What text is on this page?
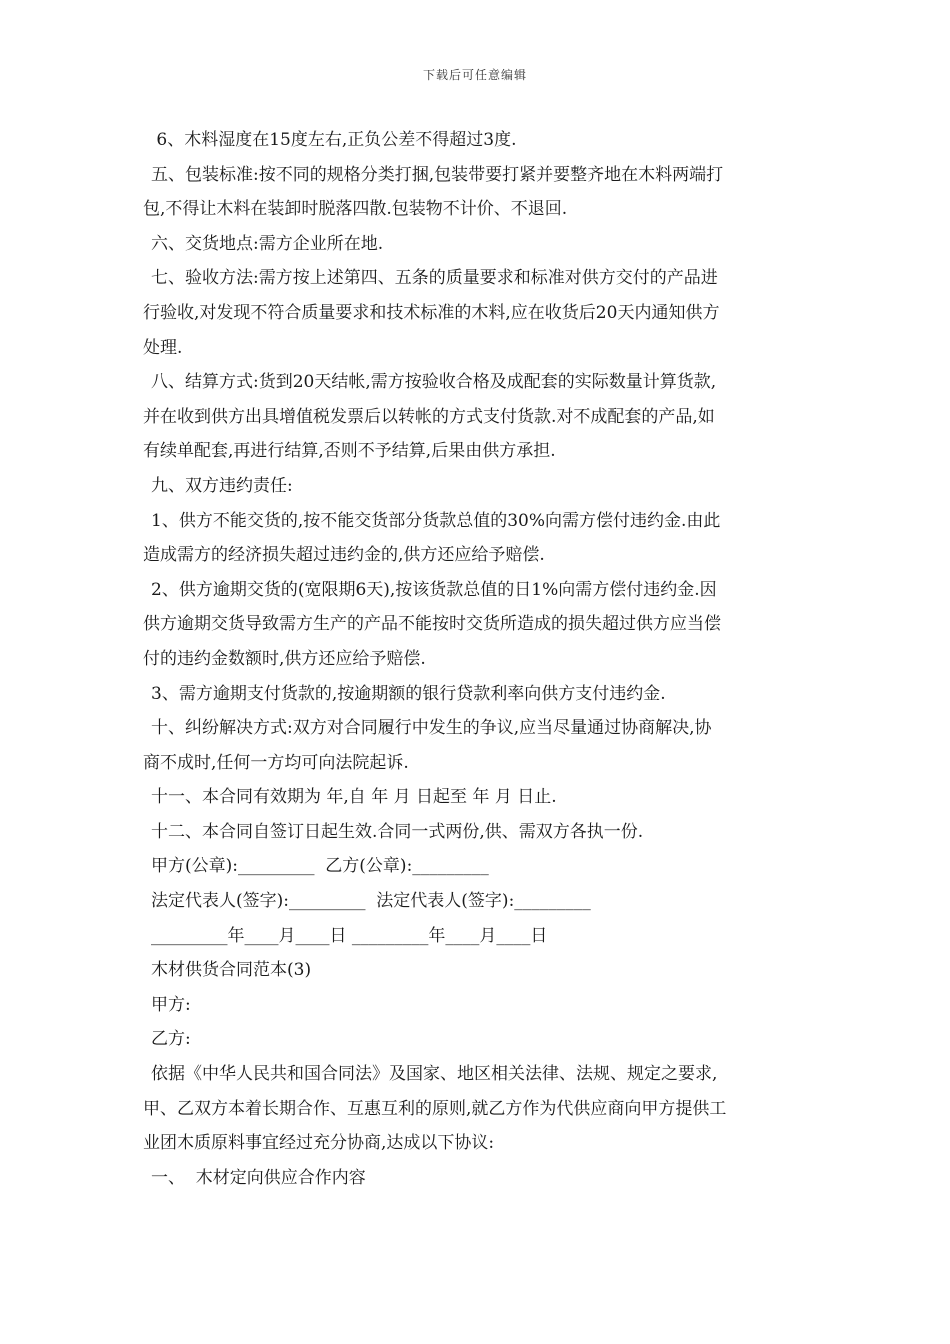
下载后可任意编辑
6、木料湿度在15度左右,正负公差不得超过3度.
五、包装标准:按不同的规格分类打捆,包装带要打紧并要整齐地在木料两端打
包,不得让木料在装卸时脱落四散.包装物不计价、不退回.
六、交货地点:需方企业所在地.
七、验收方法:需方按上述第四、五条的质量要求和标准对供方交付的产品进
行验收,对发现不符合质量要求和技术标准的木料,应在收货后20天内通知供方
处理.
八、结算方式:货到20天结帐,需方按验收合格及成配套的实际数量计算货款,
并在收到供方出具增值税发票后以转帐的方式支付货款.对不成配套的产品,如
有续单配套,再进行结算,否则不予结算,后果由供方承担.
九、双方违约责任:
1、供方不能交货的,按不能交货部分货款总值的30%向需方偿付违约金.由此
造成需方的经济损失超过违约金的,供方还应给予赔偿.
2、供方逾期交货的(宽限期6天),按该货款总值的日1%向需方偿付违约金.因
供方逾期交货导致需方生产的产品不能按时交货所造成的损失超过供方应当偿
付的违约金数额时,供方还应给予赔偿.
3、需方逾期支付货款的,按逾期额的银行贷款利率向供方支付违约金.
十、纠纷解决方式:双方对合同履行中发生的争议,应当尽量通过协商解决,协
商不成时,任何一方均可向法院起诉.
十一、本合同有效期为 年,自 年 月 日起至 年 月 日止.
十二、本合同自签订日起生效.合同一式两份,供、需双方各执一份.
甲方(公章):_________  乙方(公章):_________
法定代表人(签字):_________  法定代表人(签字):_________
_________年____月____日 _________年____月____日
木材供货合同范本(3)
甲方:
乙方:
依据《中华人民共和国合同法》及国家、地区相关法律、法规、规定之要求,
甲、乙双方本着长期合作、互惠互利的原则,就乙方作为代供应商向甲方提供工
业团木质原料事宜经过充分协商,达成以下协议:
一、  木材定向供应合作内容
